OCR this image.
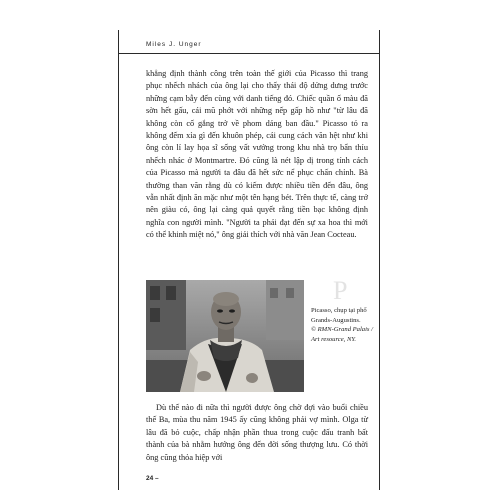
Miles J. Unger

khẳng định thành công trên toàn thế giới của Picasso thì trang phục nhếch nhách của ông lại cho thấy thái độ dửng dưng trước những cạm bẫy đến cùng với danh tiếng đó. Chiếc quần ố màu đã sờn hết gấu, cái mũ phớt với những nếp gấp hồ như "từ lâu đã không còn cố gắng trở về phom dáng ban đầu." Picasso tỏ ra không đếm xỉa gì đến khuôn phép, cái cung cách văn hệt như khi ông còn lỉ lay họa sĩ sống vất vưởng trong khu nhà trọ bẩn thỉu nhếch nhác ở Montmartre. Đó cũng là nét lập dị trong tính cách của Picasso mà người ta đâu đã hết sức nể phục chấn chỉnh. Bà thường than vãn rằng dù có kiếm được nhiều tiền đến đâu, ông vẫn nhất định ăn mặc như một tên hạng bét. Trên thực tế, càng trở nên giàu có, ông lại càng quả quyết rằng tiền bạc không định nghĩa con người mình. "Người ta phải đạt đến sự xa hoa thì mới có thể khinh miệt nó," ông giải thích với nhà văn Jean Cocteau.

Picasso, chụp tại phố Grands-Augustins.
© RMN-Grand Palais / Art resource, NY.
P

Dù thế nào đi nữa thì người được ông chờ đợi vào buổi chiều thế Ba, mùa thu năm 1945 ấy cũng không phải vợ mình. Olga từ lâu đã bỏ cuộc, chấp nhận phần thua trong cuộc đấu tranh bất thành của bà nhằm hướng ông đến đời sống thượng lưu. Có thời ông cũng thỏa hiệp với

24 –
